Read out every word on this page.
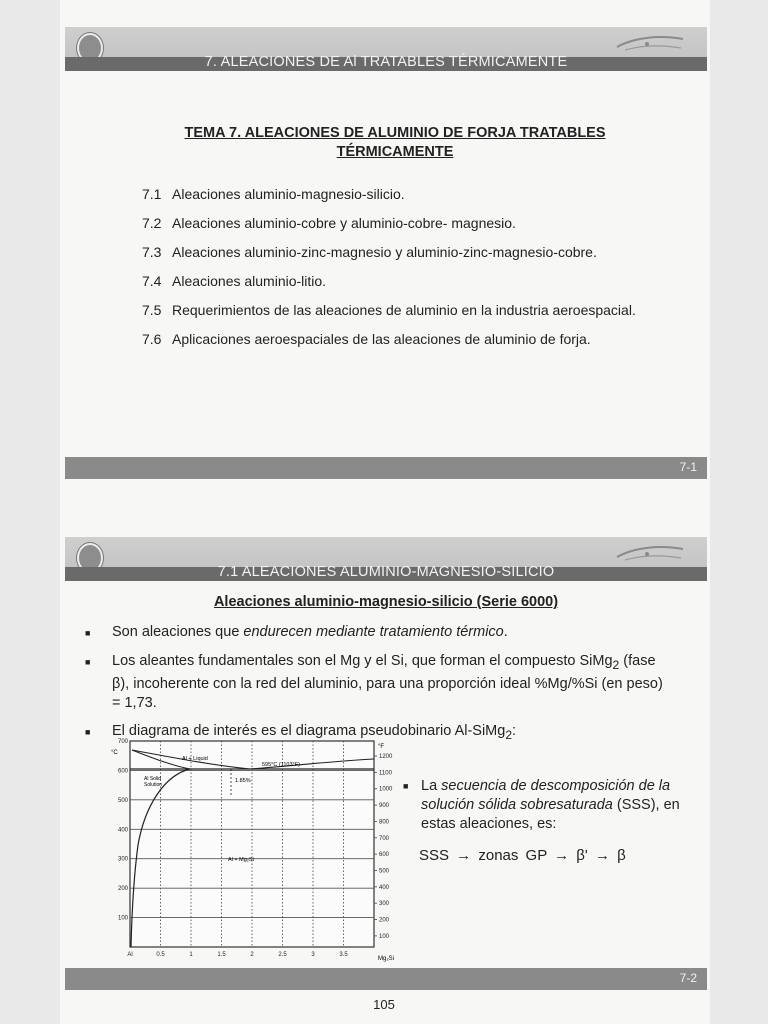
7. ALEACIONES DE Al TRATABLES TÉRMICAMENTE
TEMA 7. ALEACIONES DE ALUMINIO DE FORJA TRATABLES
TÉRMICAMENTE
7.1 Aleaciones aluminio-magnesio-silicio.
7.2 Aleaciones aluminio-cobre y aluminio-cobre- magnesio.
7.3 Aleaciones aluminio-zinc-magnesio y aluminio-zinc-magnesio-cobre.
7.4 Aleaciones aluminio-litio.
7.5 Requerimientos de las aleaciones de aluminio en la industria aeroespacial.
7.6 Aplicaciones aeroespaciales de las aleaciones de aluminio de forja.
7-1
7.1 ALEACIONES ALUMINIO-MAGNESIO-SILICIO
Aleaciones aluminio-magnesio-silicio (Serie 6000)
■	Son aleaciones que endurecen mediante tratamiento térmico.
■	Los aleantes fundamentales son el Mg y el Si, que forman el compuesto SiMg$_2$ (fase β), incoherente con la red del aluminio, para una proporción ideal %Mg/%Si (en peso) = 1,73.
■	El diagrama de interés es el diagrama pseudobinario Al-SiMg$_2$:
700
600
500
400
300
200
100
1200
1100
1000
900
800
700
600
500
400
300
200
100
Al	0.5	1	1.5	2	2.5	3	3.5
°C
°F
Mg₂Si
Al + Liquid
Al Solid
Solution
Al + Mg₂Si
595°C (1103°F)
1.85%	■ La secuencia de descomposición de la solución sólida sobresaturada (SSS), en estas aleaciones, es:
SSS → zonas GP → β' → β
7-2
105
